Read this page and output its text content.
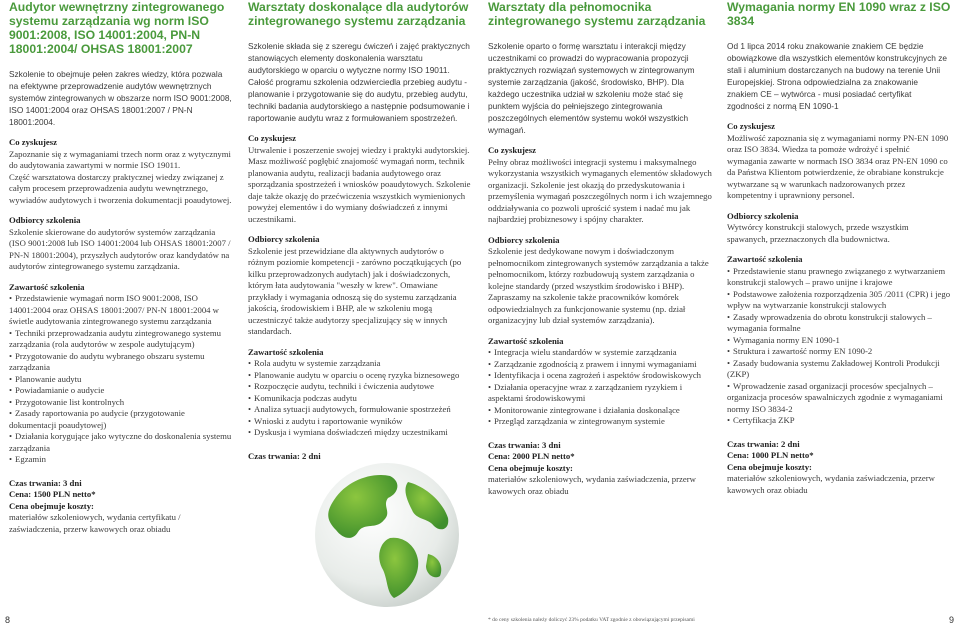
Audytor wewnętrzny zintegrowanego systemu zarządzania wg norm ISO 9001:2008, ISO 14001:2004, PN-N 18001:2004/ OHSAS 18001:2007

Szkolenie to obejmuje pełen zakres wiedzy, która pozwala na efektywne przeprowadzenie audytów wewnętrznych systemów zintegrowanych w obszarze norm ISO 9001:2008, ISO 14001:2004 oraz OHSAS 18001:2007 / PN-N 18001:2004.

Co zyskujesz

Zapoznanie się z wymaganiami trzech norm oraz z wytycznymi do audytowania zawartymi w normie ISO 19011.

Część warsztatowa dostarczy praktycznej wiedzy związanej z całym procesem przeprowadzenia audytu wewnętrznego, wywiadów audytowych i tworzenia dokumentacji poaudytowej.

Odbiorcy szkolenia

Szkolenie skierowane do audytorów systemów zarządzania (ISO 9001:2008 lub ISO 14001:2004 lub OHSAS 18001:2007 / PN-N 18001:2004), przyszłych audytorów oraz kandydatów na audytorów zintegrowanego systemu zarządzania.

Zawartość szkolenia
• Przedstawienie wymagań norm ISO 9001:2008, ISO 14001:2004 oraz OHSAS 18001:2007/ PN-N 18001:2004 w świetle audytowania zintegrowanego systemu zarządzania
• Techniki przeprowadzania audytu zintegrowanego systemu zarządzania (rola audytorów w zespole audytującym)
• Przygotowanie do audytu wybranego obszaru systemu zarządzania
• Planowanie audytu
• Powiadamianie o audycie
• Przygotowanie list kontrolnych
• Zasady raportowania po audycie (przygotowanie dokumentacji poaudytowej)
• Działania korygujące jako wytyczne do doskonalenia systemu zarządzania
• Egzamin
Czas trwania: 3 dni
Cena: 1500 PLN netto*
Cena obejmuje koszty:
materiałów szkoleniowych, wydania certyfikatu / zaświadczenia, przerw kawowych oraz obiadu
Warsztaty doskonalące dla audytorów zintegrowanego systemu zarządzania

Szkolenie składa się z szeregu ćwiczeń i zajęć praktycznych stanowiących elementy doskonalenia warsztatu audytorskiego w oparciu o wytyczne normy ISO 19011. Całość programu szkolenia odzwierciedla przebieg audytu - planowanie i przygotowanie się do audytu, przebieg audytu, techniki badania audytorskiego a następnie podsumowanie i raportowanie audytu wraz z formułowaniem spostrzeżeń.

Co zyskujesz

Utrwalenie i poszerzenie swojej wiedzy i praktyki audytorskiej. Masz możliwość pogłębić znajomość wymagań norm, technik planowania audytu, realizacji badania audytowego oraz sporządzania spostrzeżeń i wniosków poaudytowych. Szkolenie daje także okazję do przećwiczenia wszystkich wymienionych powyżej elementów i do wymiany doświadczeń z innymi uczestnikami.

Odbiorcy szkolenia

Szkolenie jest przewidziane dla aktywnych audytorów o różnym poziomie kompetencji - zarówno początkujących (po kilku przeprowadzonych audytach) jak i doświadczonych, którym łata audytowania "weszły w krew". Omawiane przykłady i wymagania odnoszą się do systemu zarządzania jakością, środowiskiem i BHP, ale w szkoleniu mogą uczestniczyć także audytorzy specjalizujący się w innych standardach.

Zawartość szkolenia
• Rola audytu w systemie zarządzania
• Planowanie audytu w oparciu o ocenę ryzyka biznesowego
• Rozpoczęcie audytu, techniki i ćwiczenia audytowe
• Komunikacja podczas audytu
• Analiza sytuacji audytowych, formułowanie spostrzeżeń
• Wnioski z audytu i raportowanie wyników
• Dyskusja i wymiana doświadczeń między uczestnikami
Czas trwania: 2 dni
Warsztaty dla pełnomocnika zintegrowanego systemu zarządzania

Szkolenie oparto o formę warsztatu i interakcji między uczestnikami co prowadzi do wypracowania propozycji praktycznych rozwiązań systemowych w zintegrowanym systemie zarządzania (jakość, środowisko, BHP). Dla każdego uczestnika udział w szkoleniu może stać się punktem wyjścia do pełniejszego zintegrowania poszczególnych elementów systemu wokół wszystkich wymagań.

Co zyskujesz

Pełny obraz możliwości integracji systemu i maksymalnego wykorzystania wszystkich wymaganych elementów składowych organizacji. Szkolenie jest okazją do przedyskutowania i przemyślenia wymagań poszczególnych norm i ich wzajemnego oddziaływania co pozwoli uprościć system i nadać mu jak najbardziej probiznesowy i spójny charakter.

Odbiorcy szkolenia

Szkolenie jest dedykowane nowym i doświadczonym pełnomocnikom zintegrowanych systemów zarządzania a także pełnomocnikom, którzy rozbudowują system zarządzania o kolejne standardy (przed wszystkim środowisko i BHP). Zapraszamy na szkolenie także pracowników komórek odpowiedzialnych za funkcjonowanie systemu (np. dział organizacyjny lub dział systemów zarządzania).

Zawartość szkolenia
• Integracja wielu standardów w systemie zarządzania
• Zarządzanie zgodnością z prawem i innymi wymaganiami
• Identyfikacja i ocena zagrożeń i aspektów środowiskowych
• Działania operacyjne wraz z zarządzaniem ryzykiem i aspektami środowiskowymi
• Monitorowanie zintegrowane i działania doskonalące
• Przegląd zarządzania w zintegrowanym systemie
Czas trwania: 3 dni
Cena: 2000 PLN netto*
Cena obejmuje koszty:
materiałów szkoleniowych, wydania zaświadczenia, przerw kawowych oraz obiadu
Wymagania normy EN 1090 wraz z ISO 3834

Od 1 lipca 2014 roku znakowanie znakiem CE będzie obowiązkowe dla wszystkich elementów konstrukcyjnych ze stali i aluminium dostarczanych na budowy na terenie Unii Europejskiej. Strona odpowiedzialna za znakowanie znakiem CE – wytwórca - musi posiadać certyfikat zgodności z normą EN 1090-1

Co zyskujesz

Możliwość zapoznania się z wymaganiami normy PN-EN 1090 oraz ISO 3834. Wiedza ta pomoże wdrożyć i spełnić wymagania zawarte w normach ISO 3834 oraz PN-EN 1090 co da Państwa Klientom potwierdzenie, że obrabiane konstrukcje wytwarzane są w warunkach nadzorowanych przez kompetentny i uprawniony personel.

Odbiorcy szkolenia

Wytwórcy konstrukcji stalowych, przede wszystkim spawanych, przeznaczonych dla budownictwa.

Zawartość szkolenia
• Przedstawienie stanu prawnego związanego z wytwarzaniem konstrukcji stalowych – prawo unijne i krajowe
• Podstawowe założenia rozporządzenia 305 /2011 (CPR) i jego wpływ na wytwarzanie konstrukcji stalowych
• Zasady wprowadzenia do obrotu konstrukcji stalowych – wymagania formalne
• Wymagania normy EN 1090-1
• Struktura i zawartość normy EN 1090-2
• Zasady budowania systemu Zakładowej Kontroli Produkcji (ZKP)
• Wprowadzenie zasad organizacji procesów specjalnych – organizacja procesów spawalniczych zgodnie z wymaganiami normy ISO 3834-2
• Certyfikacja ZKP
Czas trwania: 2 dni
Cena: 1000 PLN netto*
Cena obejmuje koszty:
materiałów szkoleniowych, wydania zaświadczenia, przerw kawowych oraz obiadu
8	* do ceny szkolenia należy doliczyć 23% podatku VAT zgodnie z obowiązującymi przepisami	9
